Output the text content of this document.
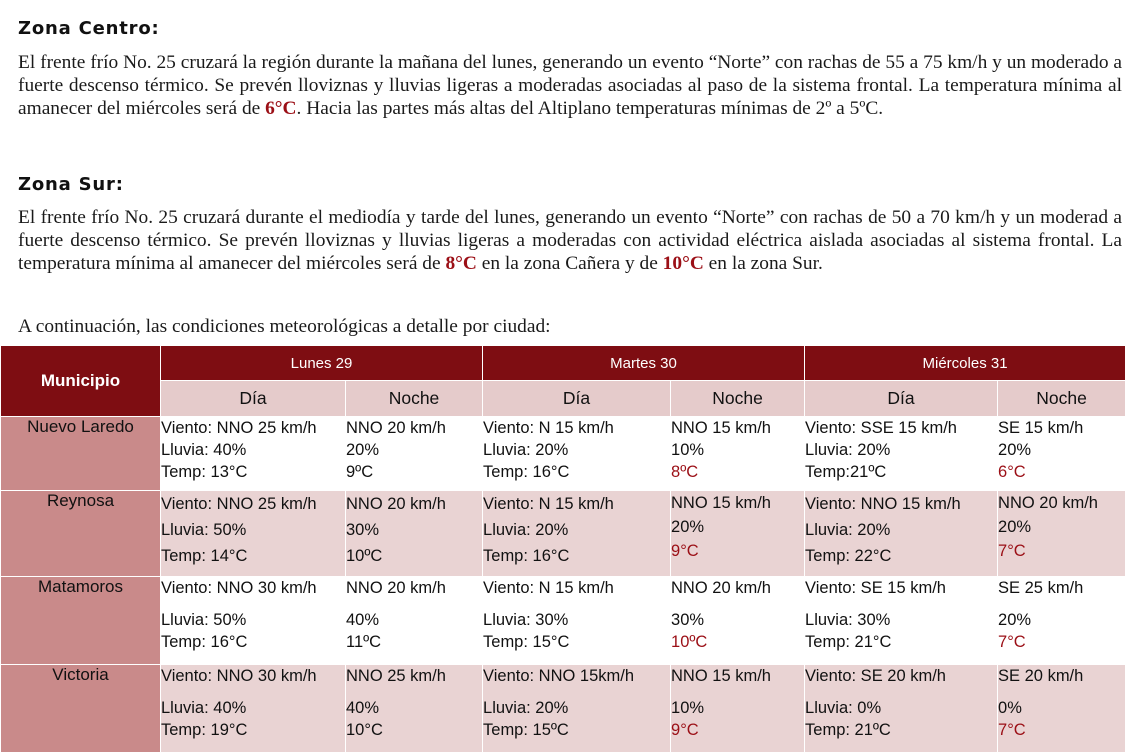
Zona Centro:

El frente frío No. 25 cruzará la región durante la mañana del lunes, generando un evento “Norte” con rachas de 55 a 75 km/h y un moderado a fuerte descenso térmico. Se prevén lloviznas y lluvias ligeras a moderadas asociadas al paso de la sistema frontal. La temperatura mínima al amanecer del miércoles será de 6°C. Hacia las partes más altas del Altiplano temperaturas mínimas de 2º a 5ºC.

Zona Sur:

El frente frío No. 25 cruzará durante el mediodía y tarde del lunes, generando un evento “Norte” con rachas de 50 a 70 km/h y un moderad a fuerte descenso térmico. Se prevén lloviznas y lluvias ligeras a moderadas con actividad eléctrica aislada asociadas al sistema frontal. La temperatura mínima al amanecer del miércoles será de 8°C en la zona Cañera y de 10°C en la zona Sur.

A continuación, las condiciones meteorológicas a detalle por ciudad:

Municipio	Lunes 29		Martes 30		Miércoles 31	
	Día	Noche	Día	Noche	Día	Noche
Nuevo Laredo	Viento: NNO 25 km/h
Lluvia: 40%
Temp: 13°C	NNO 20 km/h
20%
9ºC	Viento: N 15 km/h
Lluvia: 20%
Temp: 16°C	NNO 15 km/h
10%
8ºC	Viento: SSE 15 km/h
Lluvia: 20%
Temp:21ºC	SE 15 km/h
20%
6°C

Reynosa	Viento: NNO 25 km/h
Lluvia: 50%
Temp: 14°C	NNO 20 km/h
30%
10ºC	Viento: N 15 km/h
Lluvia: 20%
Temp: 16°C	NNO 15 km/h
20%
9°C	Viento: NNO 15 km/h
Lluvia: 20%
Temp: 22°C	NNO 20 km/h
20%
7°C

Matamoros	Viento: NNO 30 km/h
Lluvia: 50%
Temp: 16°C	NNO 20 km/h
40%
11ºC	Viento: N 15 km/h
Lluvia: 30%
Temp: 15°C	NNO 20 km/h
30%
10ºC	Viento: SE 15 km/h
Lluvia: 30%
Temp: 21°C	SE 25 km/h
20%
7°C

Victoria	Viento: NNO 30 km/h
Lluvia: 40%
Temp: 19°C	NNO 25 km/h
40%
10°C	Viento: NNO 15km/h
Lluvia: 20%
Temp: 15ºC	NNO 15 km/h
10%
9°C	Viento: SE 20 km/h
Lluvia: 0%
Temp: 21ºC	SE 20 km/h
0%
7°C
